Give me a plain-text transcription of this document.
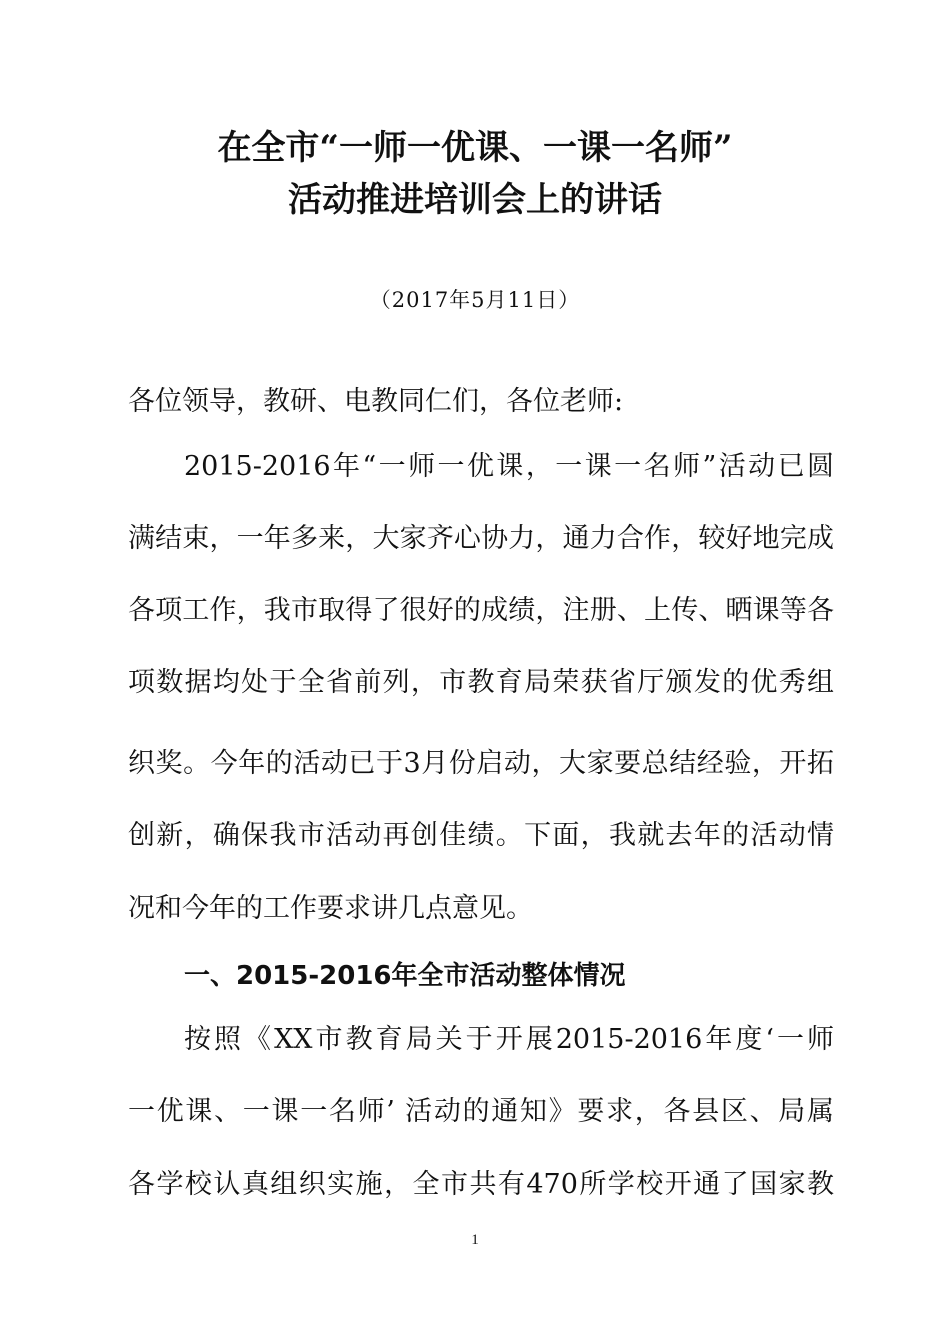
在全市“一师一优课、一课一名师”
活动推进培训会上的讲话
（2017年5月11日）
各位领导，教研、电教同仁们，各位老师:
2015-2016年“一师一优课，一课一名师”活动已圆
满结束，一年多来，大家齐心协力，通力合作，较好地完成
各项工作，我市取得了很好的成绩，注册、上传、晒课等各
项数据均处于全省前列，市教育局荣获省厅颁发的优秀组
织奖。今年的活动已于3月份启动，大家要总结经验，开拓
创新，确保我市活动再创佳绩。下面，我就去年的活动情
况和今年的工作要求讲几点意见。
一、2015-2016年全市活动整体情况
按照《XX市教育局关于开展2015-2016年度‘一师
一优课、一课一名师’ 活动的通知》要求，各县区、局属
各学校认真组织实施，全市共有470所学校开通了国家教
1
